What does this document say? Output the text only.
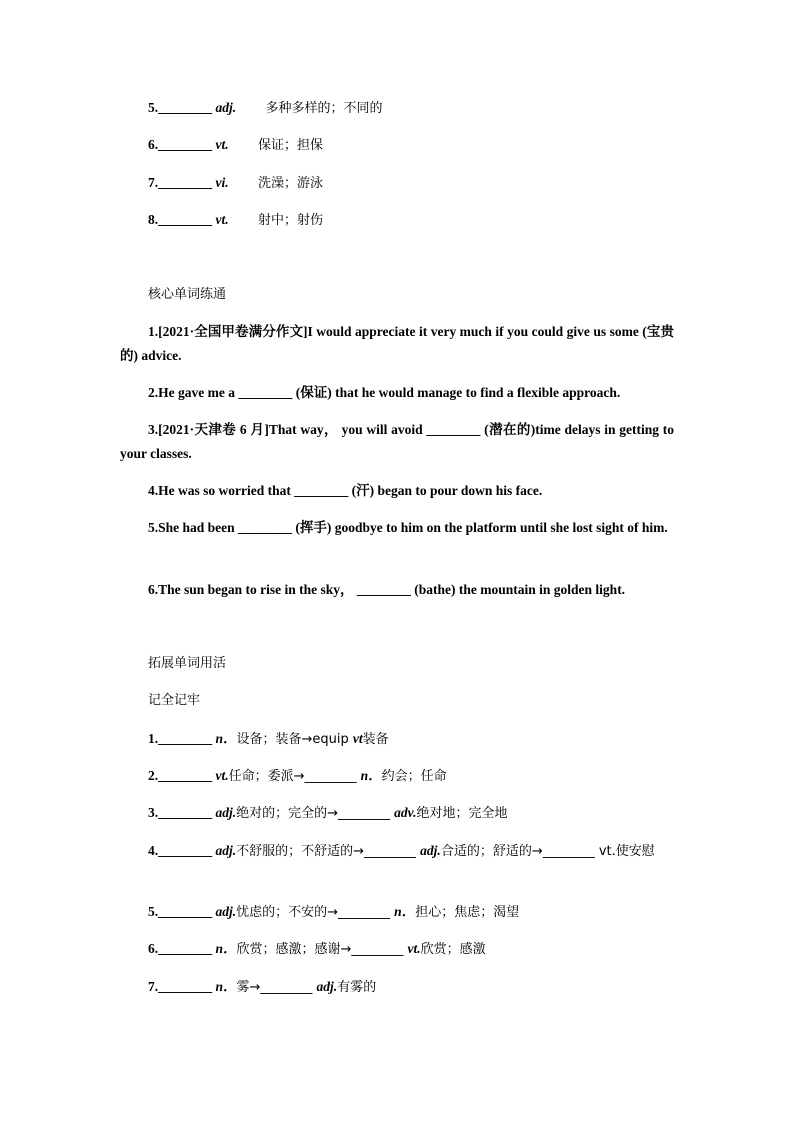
5.________ adj. 多种多样的；不同的
6.________ vt. 保证；担保
7.________ vi. 洗澡；游泳
8.________ vt. 射中；射伤
核心单词练通
1.[2021·全国甲卷满分作文]I would appreciate it very much if you could give us some (宝贵的) advice.
2.He gave me a ________ (保证) that he would manage to find a flexible approach.
3.[2021·天津卷 6 月]That way， you will avoid ________ (潜在的)time delays in getting to your classes.
4.He was so worried that ________ (汗) began to pour down his face.
5.She had been ________ (挥手) goodbye to him on the platform until she lost sight of him.
6.The sun began to rise in the sky， ________ (bathe) the mountain in golden light.
拓展单词用活
记全记牢
1.________ n．设备；装备→equip vt装备
2.________ vt.任命；委派→________ n．约会；任命
3.________ adj.绝对的；完全的→________ adv.绝对地；完全地
4.________ adj.不舒服的；不舒适的→________ adj.合适的；舒适的→________ vt.使安慰
5.________ adj.忧虑的；不安的→________ n．担心；焦虑；渴望
6.________ n．欣赏；感激；感谢→________ vt.欣赏；感激
7.________ n．雾→________ adj.有雾的
